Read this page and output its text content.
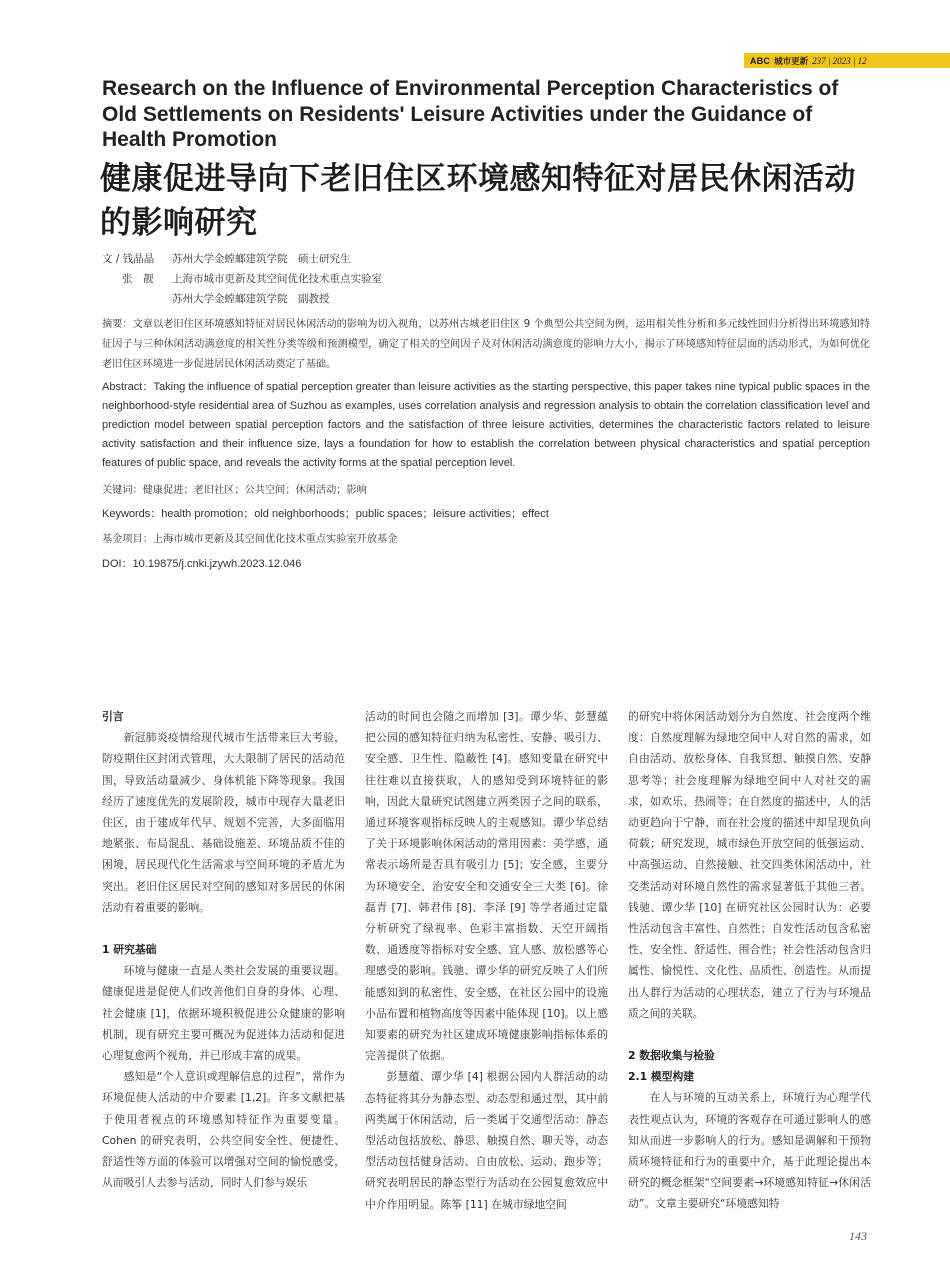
ABC 城市更新 237 | 2023 | 12
Research on the Influence of Environmental Perception Characteristics of Old Settlements on Residents' Leisure Activities under the Guidance of Health Promotion
健康促进导向下老旧住区环境感知特征对居民休闲活动的影响研究
文 / 钱晶晶	苏州大学金螳螂建筑学院　硕士研究生
张　靓	上海市城市更新及其空间优化技术重点实验室
苏州大学金螳螂建筑学院　副教授

摘要：文章以老旧住区环境感知特征对居民休闲活动的影响为切入视角，以苏州古城老旧住区 9 个典型公共空间为例，运用相关性分析和多元线性回归分析得出环境感知特征因子与三种休闲活动满意度的相关性分类等级和预测模型，确定了相关的空间因子及对休闲活动满意度的影响力大小，揭示了环境感知特征层面的活动形式，为如何优化老旧住区环境进一步促进居民休闲活动奠定了基础。

Abstract：Taking the influence of spatial perception greater than leisure activities as the starting perspective, this paper takes nine typical public spaces in the neighborhood-style residential area of Suzhou as examples, uses correlation analysis and regression analysis to obtain the correlation classification level and prediction model between spatial perception factors and the satisfaction of three leisure activities, determines the characteristic factors related to leisure activity satisfaction and their influence size, lays a foundation for how to establish the correlation between physical characteristics and spatial perception features of public space, and reveals the activity forms at the spatial perception level.

关键词：健康促进；老旧社区；公共空间；休闲活动；影响
Keywords：health promotion；old neighborhoods；public spaces；leisure activities；effect
基金项目：上海市城市更新及其空间优化技术重点实验室开放基金
DOI：10.19875/j.cnki.jzywh.2023.12.046
引言

新冠肺炎疫情给现代城市生活带来巨大考验，防疫期住区封闭式管理，大大限制了居民的活动范围，导致活动量减少、身体机能下降等现象。我国经历了速度优先的发展阶段，城市中现存大量老旧住区，由于建成年代早、规划不完善，大多面临用地紧张、布局混乱、基础设施差、环境品质不佳的困境，居民现代化生活需求与空间环境的矛盾尤为突出。老旧住区居民对空间的感知对多居民的休闲活动有着重要的影响。

1 研究基础

环境与健康一直是人类社会发展的重要议题。健康促进是促使人们改善他们自身的身体、心理、社会健康 [1]，依据环境积极促进公众健康的影响机制，现有研究主要可概况为促进体力活动和促进心理复愈两个视角，并已形成丰富的成果。

感知是“个人意识或理解信息的过程”，常作为环境促使人活动的中介要素 [1,2]。许多文献把基于使用者视点的环境感知特征作为重要变量。Cohen 的研究表明，公共空间安全性、便捷性、舒适性等方面的体验可以增强对空间的愉悦感受，从而吸引人去参与活动，同时人们参与娱乐

活动的时间也会随之而增加 [3]。谭少华、彭慧蕴把公园的感知特征归纳为私密性、安静、吸引力、安全感、卫生性、隐蔽性 [4]。感知变量在研究中往往难以直接获取，人的感知受到环境特征的影响，因此大量研究试图建立两类因子之间的联系，通过环境客观指标反映人的主观感知。谭少华总结了关于环境影响休闲活动的常用因素：美学感，通常表示场所是否具有吸引力 [5]；安全感，主要分为环境安全、治安安全和交通安全三大类 [6]。徐磊青 [7]、韩君伟 [8]、李泽 [9] 等学者通过定量分析研究了绿视率、色彩丰富指数、天空开阔指数、通透度等指标对安全感、宜人感、放松感等心理感受的影响。钱驰、谭少华的研究反映了人们所能感知到的私密性、安全感，在社区公园中的设施小品布置和植物高度等因素中能体现 [10]。以上感知要素的研究为社区建成环境健康影响指标体系的完善提供了依据。

彭慧蕴、谭少华 [4] 根据公园内人群活动的动态特征将其分为静态型、动态型和通过型，其中前两类属于休闲活动，后一类属于交通型活动：静态型活动包括放松、静思、触摸自然、聊天等，动态型活动包括健身活动、自由放松、运动、跑步等；研究表明居民的静态型行为活动在公园复愈效应中中介作用明显。陈筝 [11] 在城市绿地空间

的研究中将休闲活动划分为自然度、社会度两个维度：自然度理解为绿地空间中人对自然的需求，如自由活动、放松身体、自我冥想、触摸自然、安静思考等；社会度理解为绿地空间中人对社交的需求，如欢乐、热闹等；在自然度的描述中，人的活动更趋向于宁静，而在社会度的描述中却呈现负向荷载；研究发现，城市绿色开放空间的低强运动、中高强运动、自然接触、社交四类休闲活动中，社交类活动对环境自然性的需求显著低于其他三者。钱驰、谭少华 [10] 在研究社区公园时认为：必要性活动包含丰富性、自然性；自发性活动包含私密性、安全性、舒适性、围合性；社会性活动包含归属性、愉悦性、文化性、品质性、创造性。从而提出人群行为活动的心理状态，建立了行为与环境品质之间的关联。

2 数据收集与检验
2.1 模型构建

在人与环境的互动关系上，环境行为心理学代表性观点认为，环境的客观存在可通过影响人的感知从而进一步影响人的行为。感知是调解和干预物质环境特征和行为的重要中介，基于此理论提出本研究的概念框架“空间要素→环境感知特征→休闲活动”。文章主要研究“环境感知特

143
